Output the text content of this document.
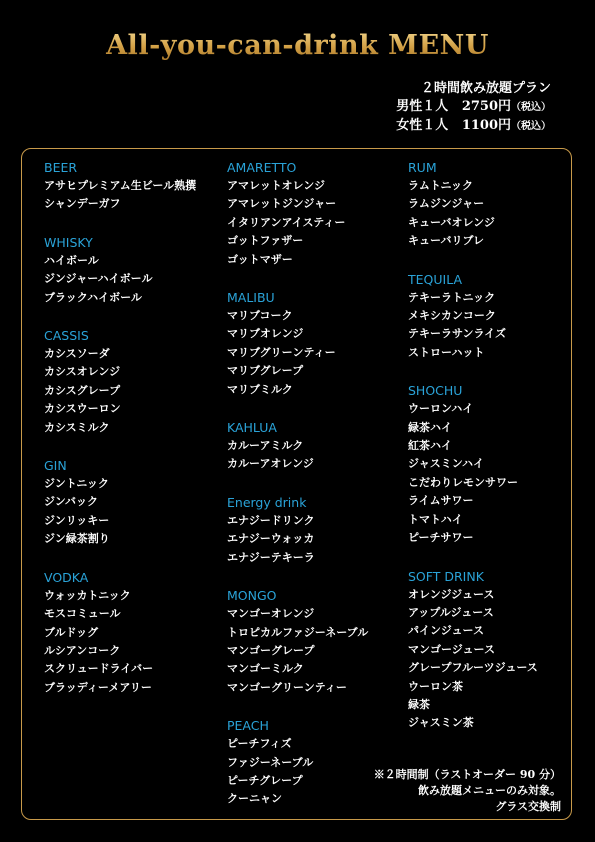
All-you-can-drink MENU
２時間飲み放題プラン
男性１人 2750円（税込）
女性１人 1100円（税込）
BEER
アサヒプレミアム生ビール熟撰
シャンデーガフ
WHISKY
ハイボール
ジンジャーハイボール
ブラックハイボール
CASSIS
カシスソーダ
カシスオレンジ
カシスグレープ
カシスウーロン
カシスミルク
GIN
ジントニック
ジンバック
ジンリッキー
ジン緑茶割り
VODKA
ウォッカトニック
モスコミュール
ブルドッグ
ルシアンコーク
スクリュードライバー
ブラッディーメアリー
AMARETTO
アマレットオレンジ
アマレットジンジャー
イタリアンアイスティー
ゴットファザー
ゴットマザー
MALIBU
マリブコーク
マリブオレンジ
マリブグリーンティー
マリブグレープ
マリブミルク
KAHLUA
カルーアミルク
カルーアオレンジ
Energy drink
エナジードリンク
エナジーウォッカ
エナジーテキーラ
MONGO
マンゴーオレンジ
トロピカルファジーネーブル
マンゴーグレープ
マンゴーミルク
マンゴーグリーンティー
PEACH
ピーチフィズ
ファジーネーブル
ピーチグレープ
クーニャン
RUM
ラムトニック
ラムジンジャー
キューバオレンジ
キューバリブレ
TEQUILA
テキーラトニック
メキシカンコーク
テキーラサンライズ
ストローハット
SHOCHU
ウーロンハイ
緑茶ハイ
紅茶ハイ
ジャスミンハイ
こだわりレモンサワー
ライムサワー
トマトハイ
ピーチサワー
SOFT DRINK
オレンジジュース
アップルジュース
パインジュース
マンゴージュース
グレープフルーツジュース
ウーロン茶
緑茶
ジャスミン茶
※２時間制（ラストオーダー 90 分）
飲み放題メニューのみ対象。
グラス交換制
